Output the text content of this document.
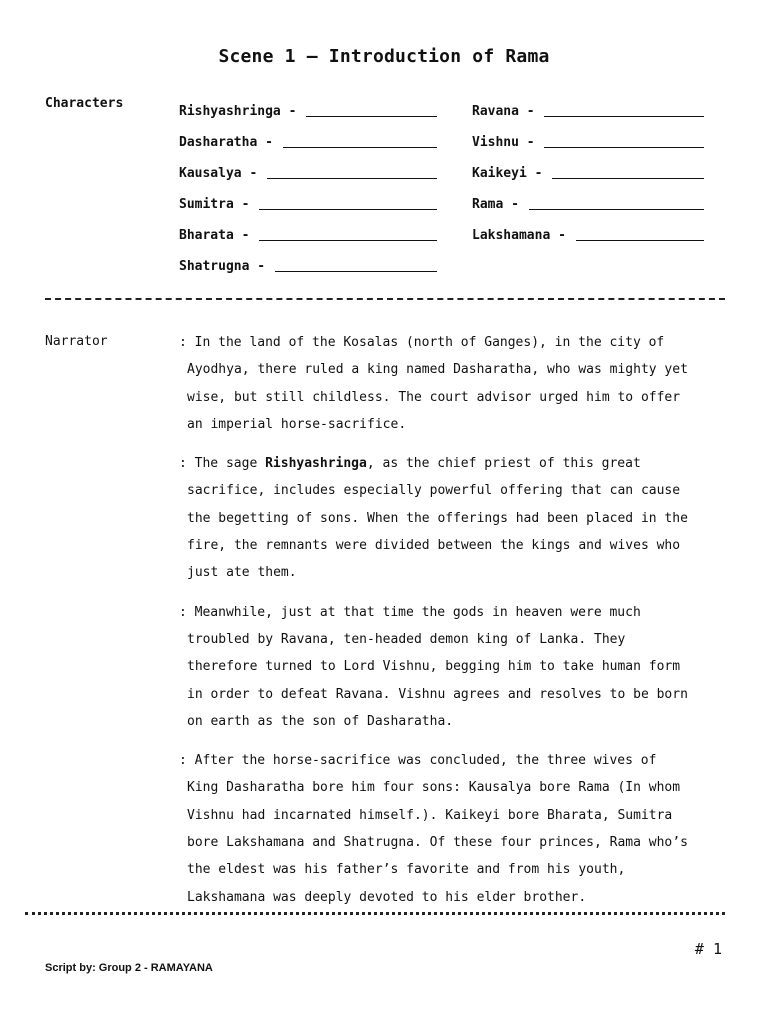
Scene 1 – Introduction of Rama
Characters
Rishyashringa -
Dasharatha -
Kausalya -
Sumitra -
Bharata -
Shatrugna -
Ravana -
Vishnu -
Kaikeyi -
Rama -
Lakshamana -
Narrator	: In the land of the Kosalas (north of Ganges), in the city of
Ayodhya, there ruled a king named Dasharatha, who was mighty yet
wise, but still childless. The court advisor urged him to offer
an imperial horse-sacrifice.
: The sage Rishyashringa, as the chief priest of this great
sacrifice, includes especially powerful offering that can cause
the begetting of sons. When the offerings had been placed in the
fire, the remnants were divided between the kings and wives who
just ate them.
: Meanwhile, just at that time the gods in heaven were much
troubled by Ravana, ten-headed demon king of Lanka. They
therefore turned to Lord Vishnu, begging him to take human form
in order to defeat Ravana. Vishnu agrees and resolves to be born
on earth as the son of Dasharatha.
: After the horse-sacrifice was concluded, the three wives of
King Dasharatha bore him four sons: Kausalya bore Rama (In whom
Vishnu had incarnated himself.). Kaikeyi bore Bharata, Sumitra
bore Lakshamana and Shatrugna. Of these four princes, Rama who’s
the eldest was his father’s favorite and from his youth,
Lakshamana was deeply devoted to his elder brother.
# 1
Script by: Group 2 - RAMAYANA
